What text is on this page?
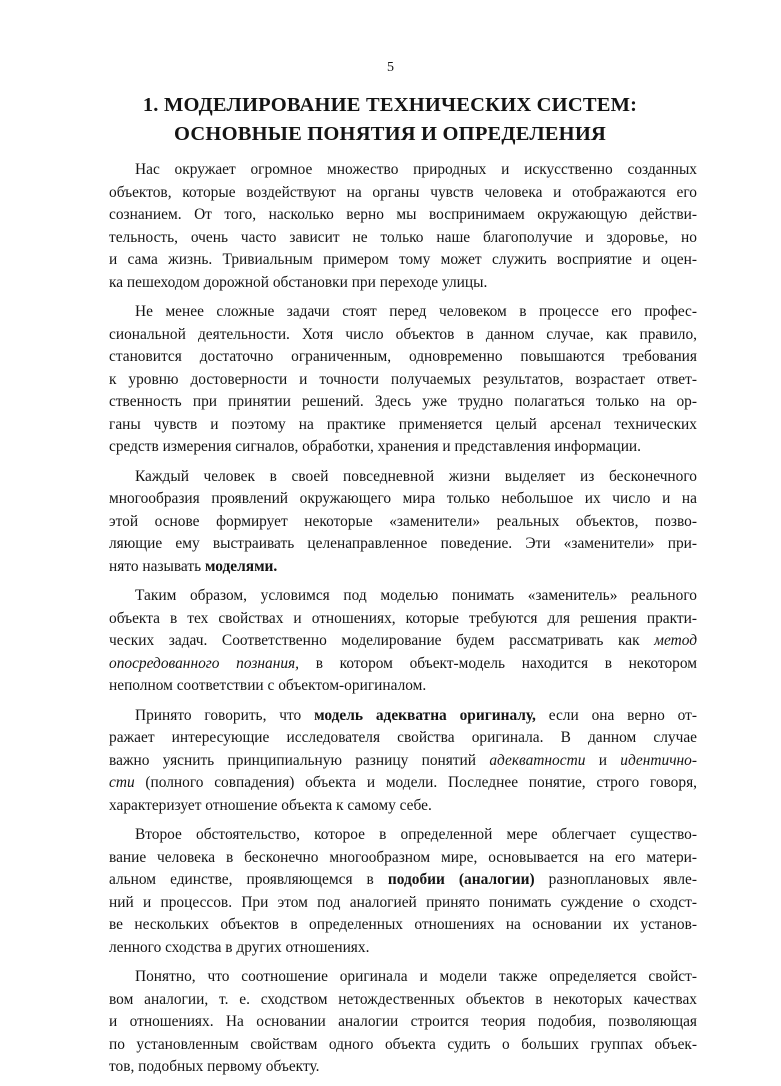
5
1. МОДЕЛИРОВАНИЕ ТЕХНИЧЕСКИХ СИСТЕМ:
ОСНОВНЫЕ ПОНЯТИЯ И ОПРЕДЕЛЕНИЯ
Нас окружает огромное множество природных и искусственно созданных
объектов, которые воздействуют на органы чувств человека и отображаются его
сознанием. От того, насколько верно мы воспринимаем окружающую действи-
тельность, очень часто зависит не только наше благополучие и здоровье, но
и сама жизнь. Тривиальным примером тому может служить восприятие и оцен-
ка пешеходом дорожной обстановки при переходе улицы.
Не менее сложные задачи стоят перед человеком в процессе его профес-
сиональной деятельности. Хотя число объектов в данном случае, как правило,
становится достаточно ограниченным, одновременно повышаются требования
к уровню достоверности и точности получаемых результатов, возрастает ответ-
ственность при принятии решений. Здесь уже трудно полагаться только на ор-
ганы чувств и поэтому на практике применяется целый арсенал технических
средств измерения сигналов, обработки, хранения и представления информации.
Каждый человек в своей повседневной жизни выделяет из бесконечного
многообразия проявлений окружающего мира только небольшое их число и на
этой основе формирует некоторые «заменители» реальных объектов, позво-
ляющие ему выстраивать целенаправленное поведение. Эти «заменители» при-
нято называть моделями.
Таким образом, условимся под моделью понимать «заменитель» реального
объекта в тех свойствах и отношениях, которые требуются для решения практи-
ческих задач. Соответственно моделирование будем рассматривать как метод
опосредованного познания, в котором объект-модель находится в некотором
неполном соответствии с объектом-оригиналом.
Принято говорить, что модель адекватна оригиналу, если она верно от-
ражает интересующие исследователя свойства оригинала. В данном случае
важно уяснить принципиальную разницу понятий адекватности и идентично-
сти (полного совпадения) объекта и модели. Последнее понятие, строго говоря,
характеризует отношение объекта к самому себе.
Второе обстоятельство, которое в определенной мере облегчает существо-
вание человека в бесконечно многообразном мире, основывается на его матери-
альном единстве, проявляющемся в подобии (аналогии) разноплановых явле-
ний и процессов. При этом под аналогией принято понимать суждение о сходст-
ве нескольких объектов в определенных отношениях на основании их установ-
ленного сходства в других отношениях.
Понятно, что соотношение оригинала и модели также определяется свойст-
вом аналогии, т. е. сходством нетождественных объектов в некоторых качествах
и отношениях. На основании аналогии строится теория подобия, позволяющая
по установленным свойствам одного объекта судить о больших группах объек-
тов, подобных первому объекту.
